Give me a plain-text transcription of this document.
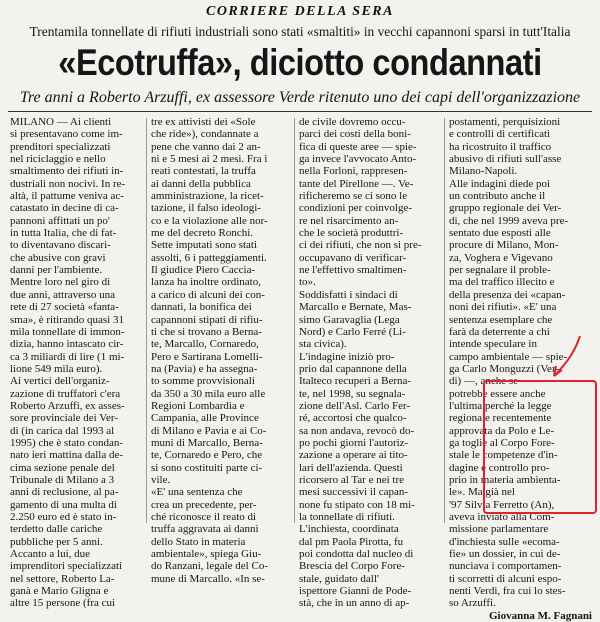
CORRIERE DELLA SERA
Trentamila tonnellate di rifiuti industriali sono stati «smaltiti» in vecchi capannoni sparsi in tutt'Italia
«Ecotruffa», diciotto condannati
Tre anni a Roberto Arzuffi, ex assessore Verde ritenuto uno dei capi dell'organizzazione
MILANO — Ai clienti
si presentavano come im-
prenditori specializzati
nel riciclaggio e nello
smaltimento dei rifiuti in-
dustriali non nocivi. In re-
altà, il pattume veniva ac-
catastato in decine di ca-
pannoni affittati un po'
in tutta Italia, che di fat-
to diventavano discari-
che abusive con gravi
danni per l'ambiente.
Mentre loro nel giro di
due anni, attraverso una
rete di 27 società «fanta-
sma», è ritirando quasi 31
mila tonnellate di immon-
dizia, hanno intascato cir-
ca 3 miliardi di lire (1 mi-
lione 549 mila euro).
Ai vertici dell'organiz-
zazione di truffatori c'era
Roberto Arzuffi, ex asses-
sore provinciale dei Ver-
di (in carica dal 1993 al
1995) che è stato condan-
nato ieri mattina dalla de-
cima sezione penale del
Tribunale di Milano a 3
anni di reclusione, al pa-
gamento di una multa di
2.250 euro ed è stato in-
terdetto dalle cariche
pubbliche per 5 anni.
Accanto a lui, due
imprenditori specializzati
nel settore, Roberto La-
ganà e Mario Gligna e
altre 15 persone (fra cui
tre ex attivisti dei «Sole
che ride»), condannate a
pene che vanno dai 2 an-
ni e 5 mesi ai 2 mesi. Fra i
reati contestati, la truffa
ai danni della pubblica
amministrazione, la ricet-
tazione, il falso ideologi-
co e la violazione alle nor-
me del decreto Ronchi.
Sette imputati sono stati
assolti, 6 i patteggiamenti.
Il giudice Piero Caccia-
lanza ha inoltre ordinato,
a carico di alcuni dei con-
dannati, la bonifica dei
capannoni stipati di rifiu-
ti che si trovano a Berna-
te, Marcallo, Cornaredo,
Pero e Sartirana Lomelli-
na (Pavia) e ha assegna-
to somme provvisionali
da 350 a 30 mila euro alle
Regioni Lombardia e
Campania, alle Province
di Milano e Pavia e ai Co-
muni di Marcallo, Berna-
te, Cornaredo e Pero, che
si sono costituiti parte ci-
vile.
«E' una sentenza che
crea un precedente, per-
ché riconosce il reato di
truffa aggravata ai danni
dello Stato in materia
ambientale», spiega Giu-
do Ranzani, legale del Co-
mune di Marcallo. «In se-
de civile dovremo occu-
parci dei costi della boni-
fica di queste aree — spie-
ga invece l'avvocato Anto-
nella Forloni, rappresen-
tante del Pirellone —. Ve-
rificheremo se ci sono le
condizioni per coinvolge-
re nel risarcimento an-
che le società produttri-
ci dei rifiuti, che non si pre-
occupavano di verificar-
ne l'effettivo smaltimen-
to».
Soddisfatti i sindaci di
Marcallo e Bernate, Mas-
simo Garavaglia (Lega
Nord) e Carlo Ferré (Li-
sta civica).
L'indagine iniziò pro-
prio dal capannone della
Italteco recuperi a Berna-
te, nel 1998, su segnala-
zione dell'Asl. Carlo Fer-
ré, accortosi che qualco-
sa non andava, revocò do-
po pochi giorni l'autoriz-
zazione a operare ai tito-
lari dell'azienda. Questi
ricorsero al Tar e nei tre
mesi successivi il capan-
none fu stipato con 18 mi-
la tonnellate di rifiuti.
L'inchiesta, coordinata
dal pm Paola Pirotta, fu
poi condotta dal nucleo di
Brescia del Corpo Fore-
stale, guidato dall'
ispettore Gianni de Pode-
stà, che in un anno di ap-
postamenti, perquisizioni
e controlli di certificati
ha ricostruito il traffico
abusivo di rifiuti sull'asse
Milano-Napoli.
Alle indagini diede poi
un contributo anche il
gruppo regionale dei Ver-
di, che nel 1999 aveva pre-
sentato due esposti alle
procure di Milano, Mon-
za, Voghera e Vigevano
per segnalare il proble-
ma del traffico illecito e
della presenza dei «capan-
noni dei rifiuti». «E' una
sentenza esemplare che
farà da deterrente a chi
intende speculare in
campo ambientale — spie-
ga Carlo Monguzzi (Ver-
di) —, anche se
potrebbe essere anche
l'ultima perché la legge
regionale recentemente
approvata da Polo e Le-
ga toglie al Corpo Fore-
stale le competenze d'in-
dagine e controllo pro-
prio in materia ambienta-
le». Ma già nel
'97 Silvia Ferretto (An),
aveva inviato alla Com-
missione parlamentare
d'inchiesta sulle «ecoma-
fie» un dossier, in cui de-
nunciava i comportamen-
ti scorretti di alcuni espo-
nenti Verdi, fra cui lo stes-
so Arzuffi.
Giovanna M. Fagnani
